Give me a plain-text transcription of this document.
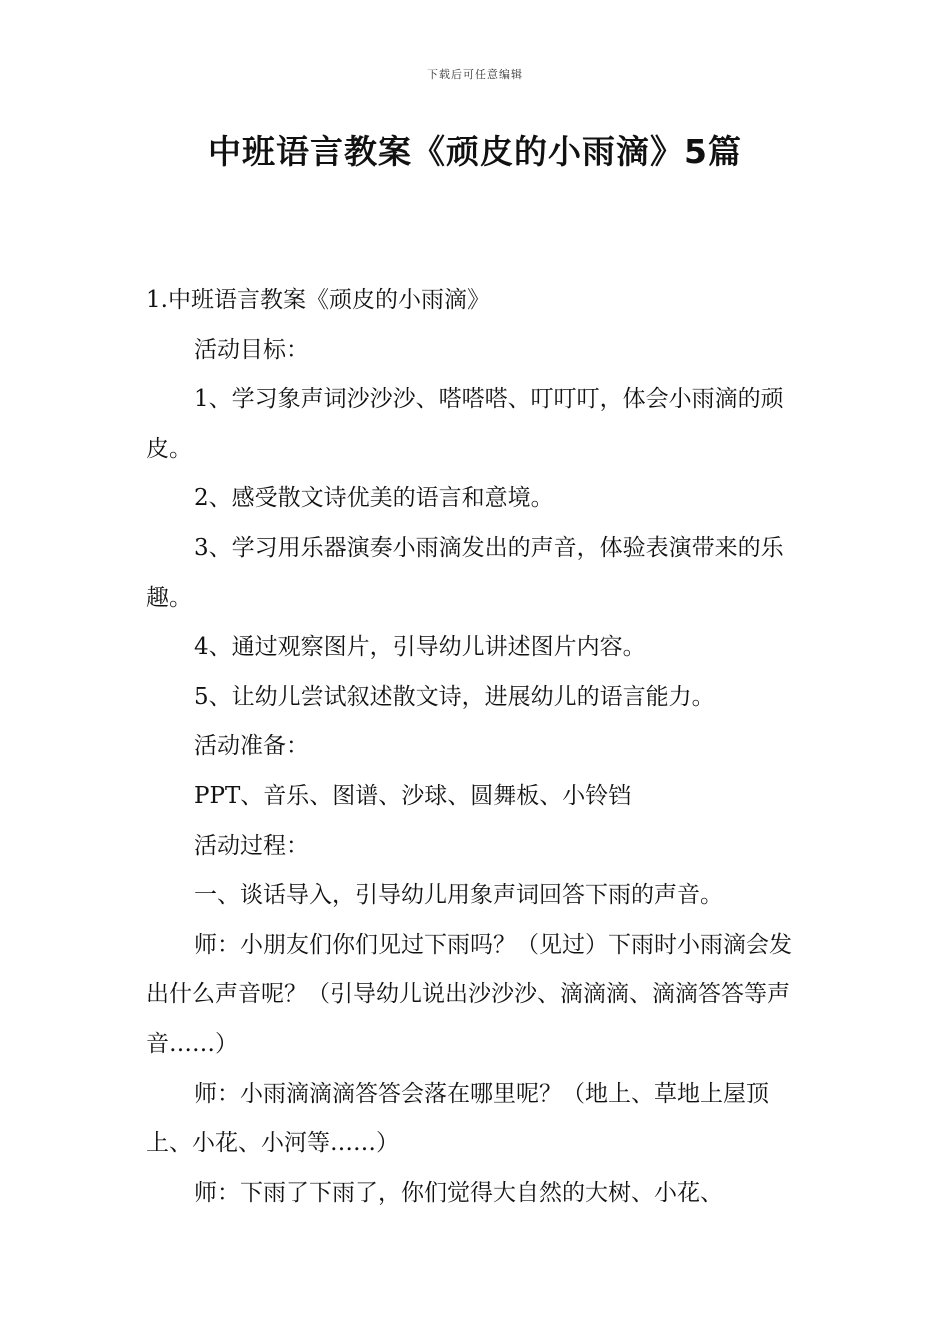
下载后可任意编辑
中班语言教案《顽皮的小雨滴》5篇

1.中班语言教案《顽皮的小雨滴》

活动目标：

1、学习象声词沙沙沙、嗒嗒嗒、叮叮叮，体会小雨滴的顽皮。

2、感受散文诗优美的语言和意境。

3、学习用乐器演奏小雨滴发出的声音，体验表演带来的乐趣。

4、通过观察图片，引导幼儿讲述图片内容。

5、让幼儿尝试叙述散文诗，进展幼儿的语言能力。

活动准备：

PPT、音乐、图谱、沙球、圆舞板、小铃铛

活动过程：

一、谈话导入，引导幼儿用象声词回答下雨的声音。

师：小朋友们你们见过下雨吗？（见过）下雨时小雨滴会发出什么声音呢？（引导幼儿说出沙沙沙、滴滴滴、滴滴答答等声音……）

师：小雨滴滴滴答答会落在哪里呢？（地上、草地上屋顶上、小花、小河等……）

师：下雨了下雨了，你们觉得大自然的大树、小花、
